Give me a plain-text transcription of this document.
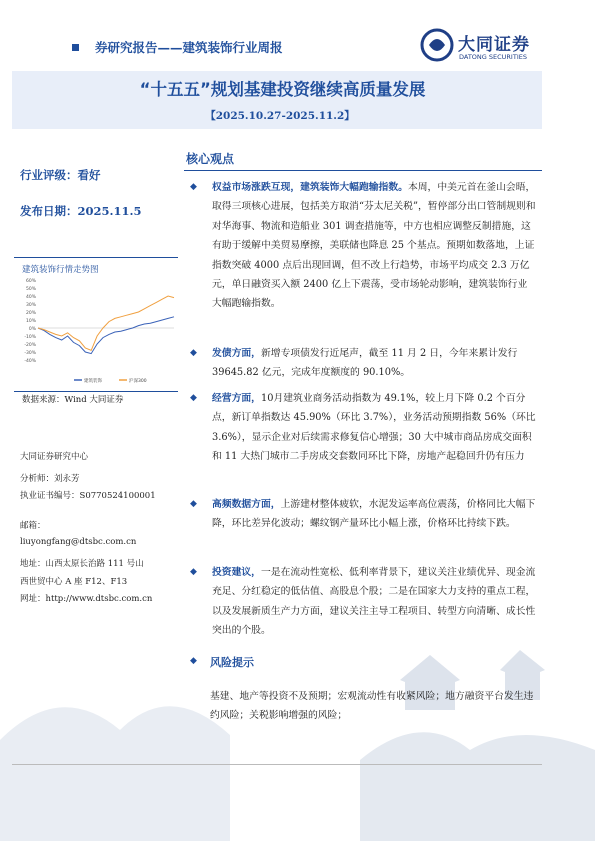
券研究报告——建筑装饰行业周报	大同证券
DATONG SECURITIES
“十五五”规划基建投资继续高质量发展
【2025.10.27-2025.11.2】
行业评级：看好
发布日期：2025.11.5
建筑装饰行情走势图
60%
50%
40%
30%
20%
10%
0%
-10%
-20%
-30%
-40%
建筑装饰	沪深300
数据来源：Wind 大同证券
大同证券研究中心
分析师：刘永芳
执业证书编号：S0770524100001
邮箱：
liuyongfang@dtsbc.com.cn
地址：山西太原长治路 111 号山
西世贸中心 A 座 F12、F13
网址：http://www.dtsbc.com.cn
核心观点
◆ 权益市场涨跌互现，建筑装饰大幅跑输指数。本周，中美元首在釜山会晤，取得三项核心进展，包括美方取消“芬太尼关税”，暂停部分出口管制规则和对华海事、物流和造船业 301 调查措施等，中方也相应调整反制措施，这有助于缓解中美贸易摩擦，美联储也降息 25 个基点。预期如数落地，上证指数突破 4000 点后出现回调，但不改上行趋势，市场平均成交 2.3 万亿元，单日融资买入额 2400 亿上下震荡，受市场轮动影响，建筑装饰行业大幅跑输指数。
◆ 发债方面，新增专项债发行近尾声，截至 11 月 2 日，今年来累计发行 39645.82 亿元，完成年度额度的 90.10%。
◆ 经营方面，10月建筑业商务活动指数为 49.1%，较上月下降 0.2 个百分点，新订单指数达 45.90%（环比 3.7%），业务活动预期指数 56%（环比 3.6%），显示企业对后续需求修复信心增强；30 大中城市商品房成交面积和 11 大热门城市二手房成交套数同环比下降，房地产起稳回升仍有压力
◆ 高频数据方面，上游建材整体疲软，水泥发运率高位震荡，价格同比大幅下降，环比差异化波动；螺纹钢产量环比小幅上涨，价格环比持续下跌。
◆ 投资建议，一是在流动性宽松、低利率背景下，建议关注业绩优异、现金流充足、分红稳定的低估值、高股息个股；二是在国家大力支持的重点工程，以及发展新质生产力方面，建议关注主导工程项目、转型方向清晰、成长性突出的个股。
◆ 风险提示
基建、地产等投资不及预期；宏观流动性有收紧风险；地方融资平台发生违约风险；关税影响增强的风险；
